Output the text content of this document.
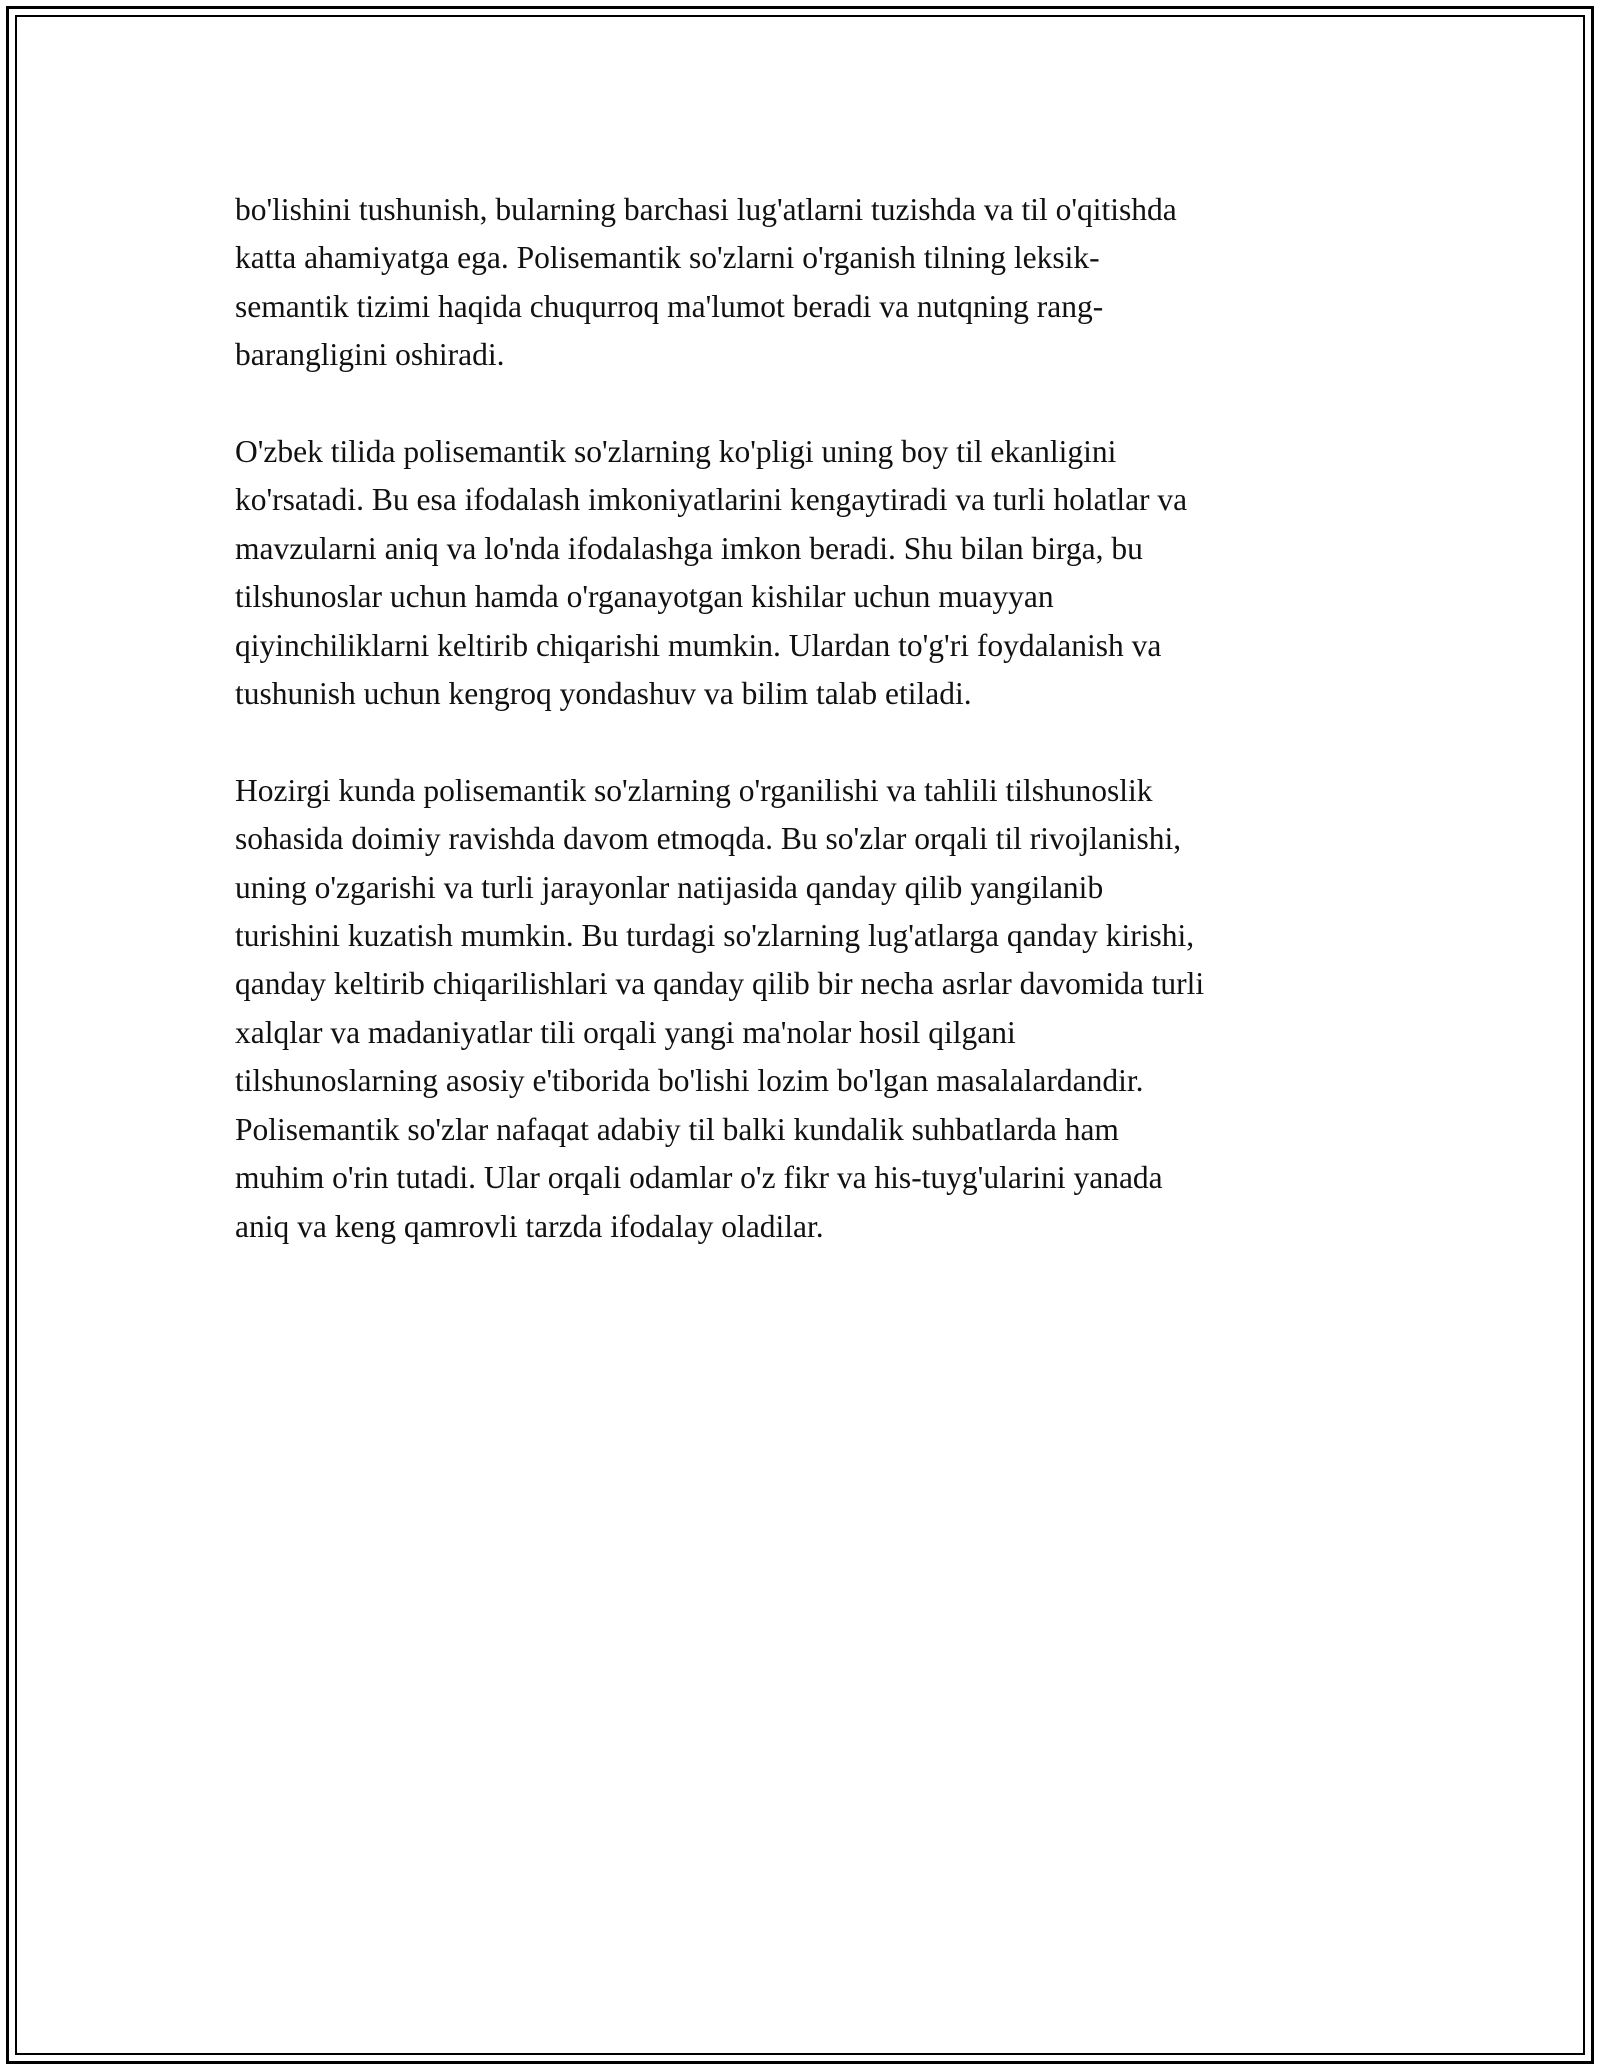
bo'lishini tushunish, bularning barchasi lug'atlarni tuzishda va til o'qitishda
katta ahamiyatga ega. Polisemantik so'zlarni o'rganish tilning leksik-
semantik tizimi haqida chuqurroq ma'lumot beradi va nutqning rang-
barangligini oshiradi.

O'zbek tilida polisemantik so'zlarning ko'pligi uning boy til ekanligini
ko'rsatadi. Bu esa ifodalash imkoniyatlarini kengaytiradi va turli holatlar va
mavzularni aniq va lo'nda ifodalashga imkon beradi. Shu bilan birga, bu
tilshunoslar uchun hamda o'rganayotgan kishilar uchun muayyan
qiyinchiliklarni keltirib chiqarishi mumkin. Ulardan to'g'ri foydalanish va
tushunish uchun kengroq yondashuv va bilim talab etiladi.

Hozirgi kunda polisemantik so'zlarning o'rganilishi va tahlili tilshunoslik
sohasida doimiy ravishda davom etmoqda. Bu so'zlar orqali til rivojlanishi,
uning o'zgarishi va turli jarayonlar natijasida qanday qilib yangilanib
turishini kuzatish mumkin. Bu turdagi so'zlarning lug'atlarga qanday kirishi,
qanday keltirib chiqarilishlari va qanday qilib bir necha asrlar davomida turli
xalqlar va madaniyatlar tili orqali yangi ma'nolar hosil qilgani
tilshunoslarning asosiy e'tiborida bo'lishi lozim bo'lgan masalalardandir.
Polisemantik so'zlar nafaqat adabiy til balki kundalik suhbatlarda ham
muhim o'rin tutadi. Ular orqali odamlar o'z fikr va his-tuyg'ularini yanada
aniq va keng qamrovli tarzda ifodalay oladilar.
